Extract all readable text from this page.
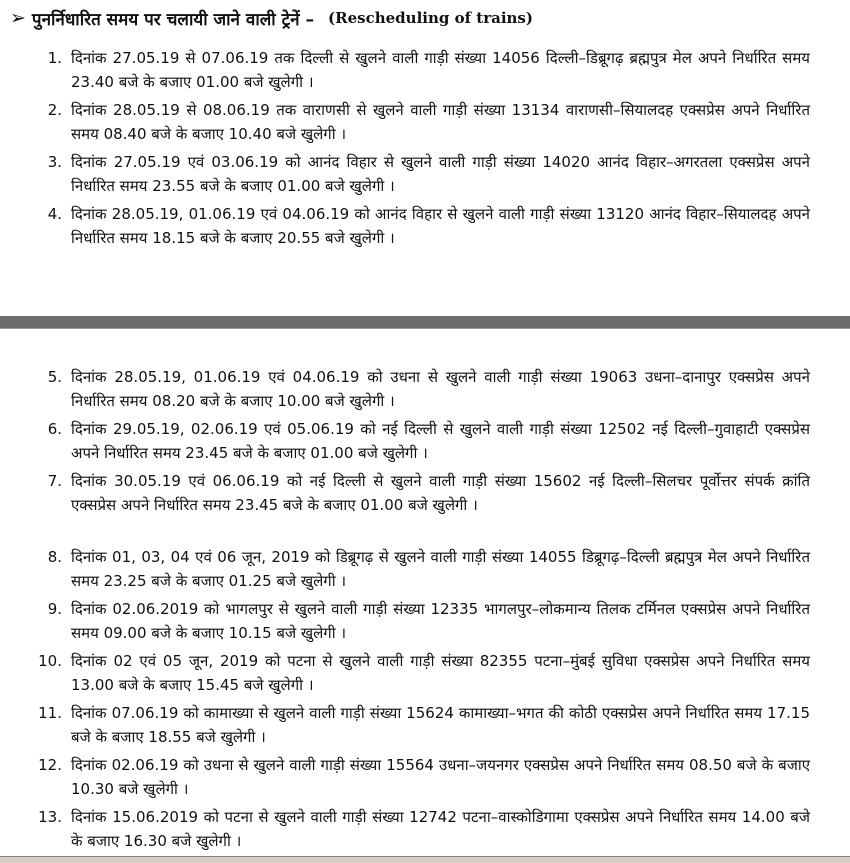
➢ पुनर्निधारित समय पर चलायी जाने वाली ट्रेनें – (Rescheduling of trains)
1. दिनांक 27.05.19 से 07.06.19 तक दिल्ली से खुलने वाली गाड़ी संख्या 14056 दिल्ली–डिब्रूगढ़ ब्रह्मपुत्र मेल अपने निर्धारित समय 23.40 बजे के बजाए 01.00 बजे खुलेगी ।
2. दिनांक 28.05.19 से 08.06.19 तक वाराणसी से खुलने वाली गाड़ी संख्या 13134 वाराणसी–सियालदह एक्सप्रेस अपने निर्धारित समय 08.40 बजे के बजाए 10.40 बजे खुलेगी ।
3. दिनांक 27.05.19 एवं 03.06.19 को आनंद विहार से खुलने वाली गाड़ी संख्या 14020 आनंद विहार–अगरतला एक्सप्रेस अपने निर्धारित समय 23.55 बजे के बजाए 01.00 बजे खुलेगी ।
4. दिनांक 28.05.19, 01.06.19 एवं 04.06.19 को आनंद विहार से खुलने वाली गाड़ी संख्या 13120 आनंद विहार–सियालदह अपने निर्धारित समय 18.15 बजे के बजाए 20.55 बजे खुलेगी ।
5. दिनांक 28.05.19, 01.06.19 एवं 04.06.19 को उधना से खुलने वाली गाड़ी संख्या 19063 उधना–दानापुर एक्सप्रेस अपने निर्धारित समय 08.20 बजे के बजाए 10.00 बजे खुलेगी ।
6. दिनांक 29.05.19, 02.06.19 एवं 05.06.19 को नई दिल्ली से खुलने वाली गाड़ी संख्या 12502 नई दिल्ली–गुवाहाटी एक्सप्रेस अपने निर्धारित समय 23.45 बजे के बजाए 01.00 बजे खुलेगी ।
7. दिनांक 30.05.19 एवं 06.06.19 को नई दिल्ली से खुलने वाली गाड़ी संख्या 15602 नई दिल्ली–सिलचर पूर्वोत्तर संपर्क क्रांति एक्सप्रेस अपने निर्धारित समय 23.45 बजे के बजाए 01.00 बजे खुलेगी ।
8. दिनांक 01, 03, 04 एवं 06 जून, 2019 को डिब्रूगढ़ से खुलने वाली गाड़ी संख्या 14055 डिब्रूगढ़–दिल्ली ब्रह्मपुत्र मेल अपने निर्धारित समय 23.25 बजे के बजाए 01.25 बजे खुलेगी ।
9. दिनांक 02.06.2019 को भागलपुर से खुलने वाली गाड़ी संख्या 12335 भागलपुर–लोकमान्य तिलक टर्मिनल एक्सप्रेस अपने निर्धारित समय 09.00 बजे के बजाए 10.15 बजे खुलेगी ।
10. दिनांक 02 एवं 05 जून, 2019 को पटना से खुलने वाली गाड़ी संख्या 82355 पटना–मुंबई सुविधा एक्सप्रेस अपने निर्धारित समय 13.00 बजे के बजाए 15.45 बजे खुलेगी ।
11. दिनांक 07.06.19 को कामाख्या से खुलने वाली गाड़ी संख्या 15624 कामाख्या–भगत की कोठी एक्सप्रेस अपने निर्धारित समय 17.15 बजे के बजाए 18.55 बजे खुलेगी ।
12. दिनांक 02.06.19 को उधना से खुलने वाली गाड़ी संख्या 15564 उधना–जयनगर एक्सप्रेस अपने निर्धारित समय 08.50 बजे के बजाए 10.30 बजे खुलेगी ।
13. दिनांक 15.06.2019 को पटना से खुलने वाली गाड़ी संख्या 12742 पटना–वास्कोडिगामा एक्सप्रेस अपने निर्धारित समय 14.00 बजे के बजाए 16.30 बजे खुलेगी ।
